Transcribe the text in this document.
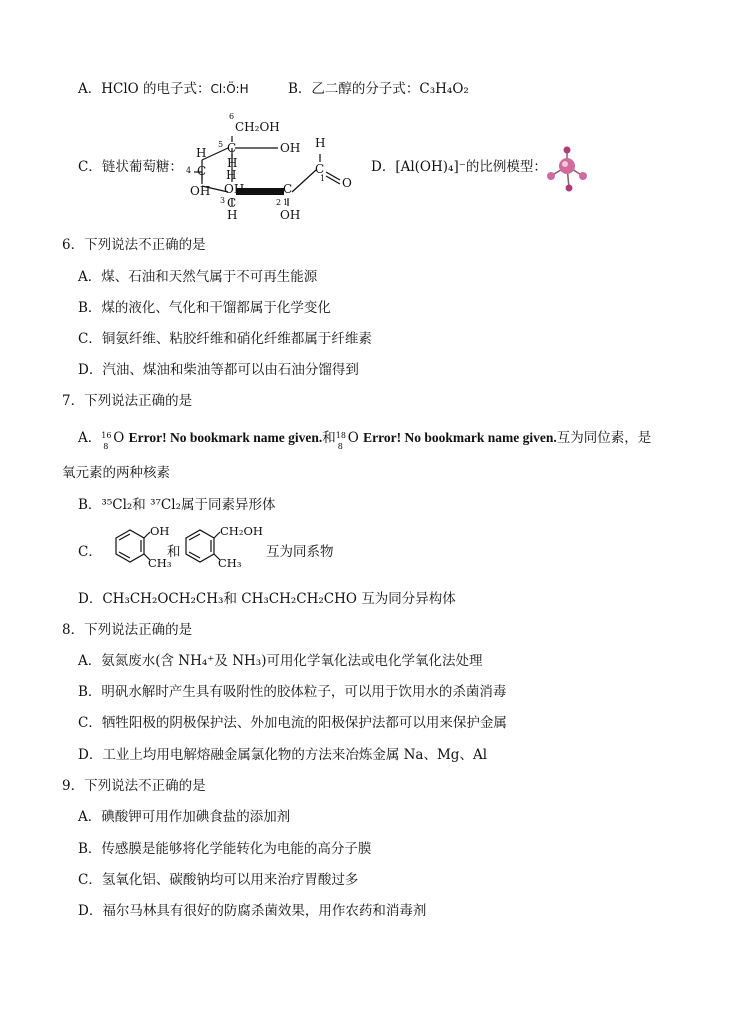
A．HClO 的电子式：Cl:Ö:H	B．乙二醇的分子式：C₃H₄O₂
C．链状葡萄糖：
6
CH₂OH
5 C	OH
H
H
4 C H
OH OH
3 C
H
C
2 1
OH
H
C
1 O
D．[Al(OH)₄]⁻的比例模型：
6．下列说法不正确的是
A．煤、石油和天然气属于不可再生能源
B．煤的液化、气化和干馏都属于化学变化
C．铜氨纤维、粘胶纤维和硝化纤维都属于纤维素
D．汽油、煤油和柴油等都可以由石油分馏得到
7．下列说法正确的是
A． 16
8 O Error! No bookmark name given.和 18
8 O Error! No bookmark name given.互为同位素，是
氧元素的两种核素
B．³⁵Cl₂和 ³⁷Cl₂属于同素异形体
C．
OH
CH₃
和
CH₂OH
CH₃
互为同系物
D．CH₃CH₂OCH₂CH₃和 CH₃CH₂CH₂CHO 互为同分异构体
8．下列说法正确的是
A．氨氮废水(含 NH₄⁺及 NH₃)可用化学氧化法或电化学氧化法处理
B．明矾水解时产生具有吸附性的胶体粒子，可以用于饮用水的杀菌消毒
C．牺牲阳极的阴极保护法、外加电流的阳极保护法都可以用来保护金属
D．工业上均用电解熔融金属氯化物的方法来冶炼金属 Na、Mg、Al
9．下列说法不正确的是
A．碘酸钾可用作加碘食盐的添加剂
B．传感膜是能够将化学能转化为电能的高分子膜
C．氢氧化铝、碳酸钠均可以用来治疗胃酸过多
D．福尔马林具有很好的防腐杀菌效果，用作农药和消毒剂
